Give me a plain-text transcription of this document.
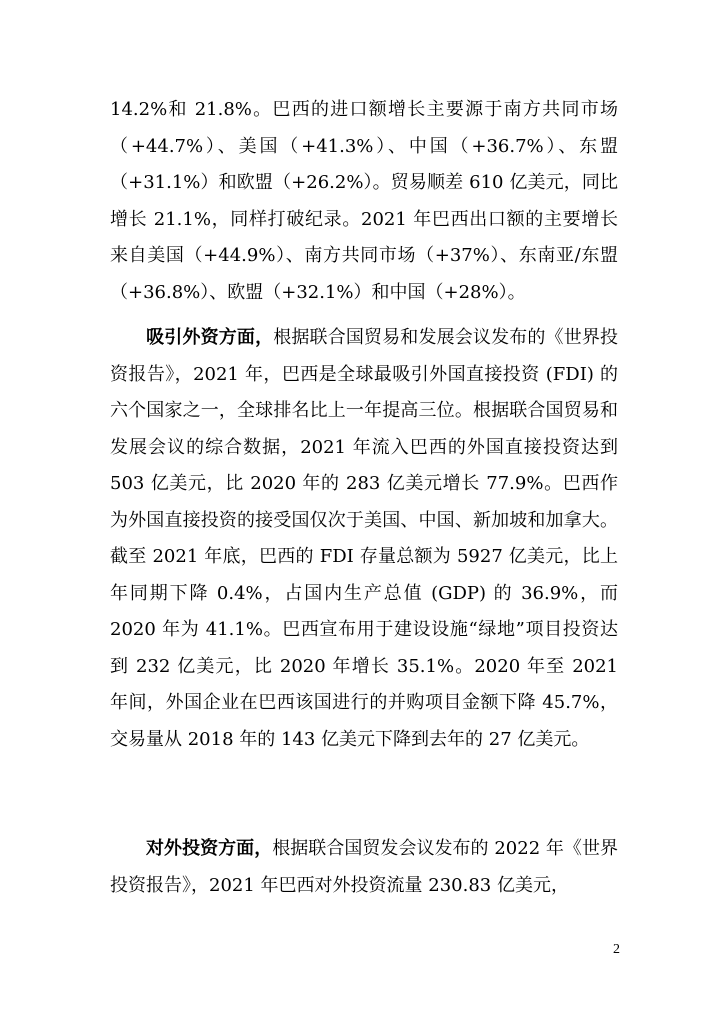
14.2%和 21.8%。巴西的进口额增长主要源于南方共同市场（+44.7%）、美国（+41.3%）、中国（+36.7%）、东盟（+31.1%）和欧盟（+26.2%）。贸易顺差 610 亿美元，同比增长 21.1%，同样打破纪录。2021 年巴西出口额的主要增长来自美国（+44.9%）、南方共同市场（+37%）、东南亚/东盟（+36.8%）、欧盟（+32.1%）和中国（+28%）。

吸引外资方面，根据联合国贸易和发展会议发布的《世界投资报告》，2021 年，巴西是全球最吸引外国直接投资 (FDI) 的六个国家之一，全球排名比上一年提高三位。根据联合国贸易和发展会议的综合数据，2021 年流入巴西的外国直接投资达到 503 亿美元，比 2020 年的 283 亿美元增长 77.9%。巴西作为外国直接投资的接受国仅次于美国、中国、新加坡和加拿大。截至 2021 年底，巴西的 FDI 存量总额为 5927 亿美元，比上年同期下降 0.4%，占国内生产总值 (GDP) 的 36.9%，而 2020 年为 41.1%。巴西宣布用于建设设施“绿地”项目投资达到 232 亿美元，比 2020 年增长 35.1%。2020 年至 2021 年间，外国企业在巴西该国进行的并购项目金额下降 45.7%，交易量从 2018 年的 143 亿美元下降到去年的 27 亿美元。

对外投资方面，根据联合国贸发会议发布的 2022 年《世界投资报告》，2021 年巴西对外投资流量 230.83 亿美元，

2
